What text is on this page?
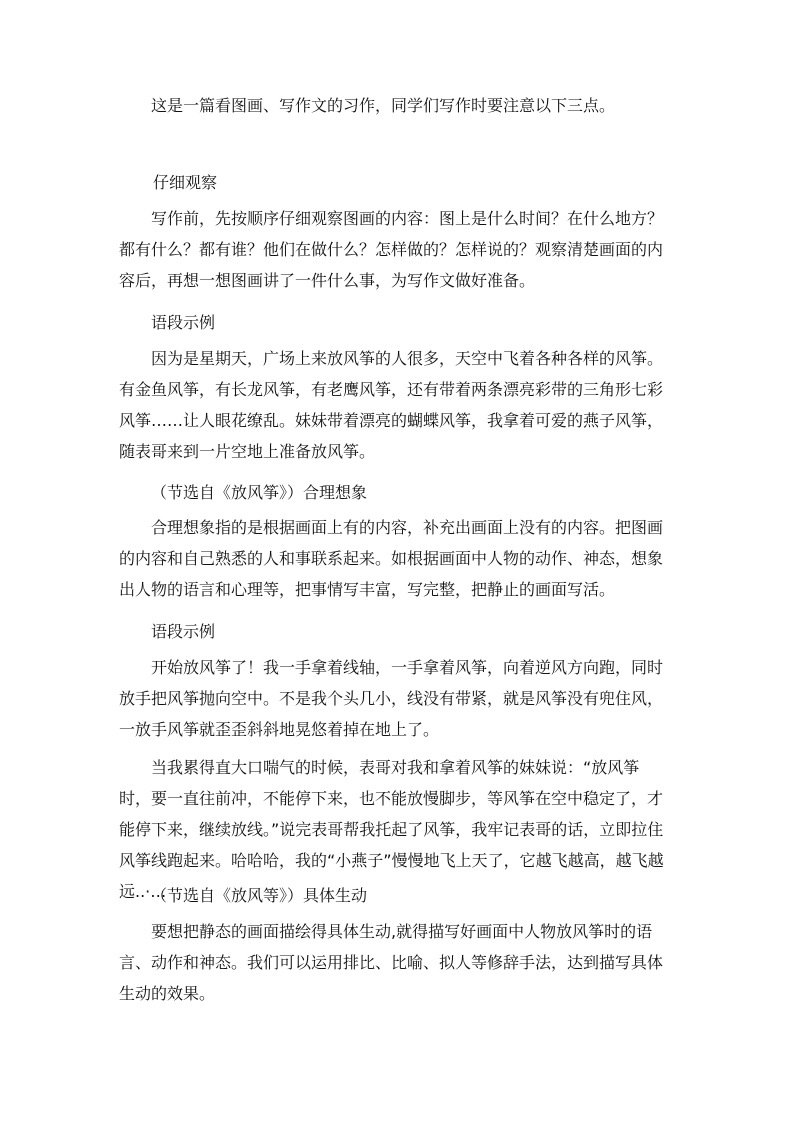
这是一篇看图画、写作文的习作，同学们写作时要注意以下三点。

仔细观察

写作前，先按顺序仔细观察图画的内容：图上是什么时间？在什么地方？都有什么？都有谁？他们在做什么？怎样做的？怎样说的？观察清楚画面的内容后，再想一想图画讲了一件什么事，为写作文做好准备。

语段示例

因为是星期天，广场上来放风筝的人很多，天空中飞着各种各样的风筝。有金鱼风筝，有长龙风筝，有老鹰风筝，还有带着两条漂亮彩带的三角形七彩风筝……让人眼花缭乱。妹妹带着漂亮的蝴蝶风筝，我拿着可爱的燕子风筝，随表哥来到一片空地上准备放风筝。

（节选自《放风筝》）合理想象

合理想象指的是根据画面上有的内容，补充出画面上没有的内容。把图画的内容和自己熟悉的人和事联系起来。如根据画面中人物的动作、神态，想象出人物的语言和心理等，把事情写丰富，写完整，把静止的画面写活。

语段示例

开始放风筝了！我一手拿着线轴，一手拿着风筝，向着逆风方向跑，同时放手把风筝抛向空中。不是我个头几小，线没有带紧，就是风筝没有兜住风，一放手风筝就歪歪斜斜地晃悠着掉在地上了。

当我累得直大口喘气的时候，表哥对我和拿着风筝的妹妹说：“放风筝时，要一直往前冲，不能停下来，也不能放慢脚步，等风筝在空中稳定了，才能停下来，继续放线。”说完表哥帮我托起了风筝，我牢记表哥的话，立即拉住风筝线跑起来。哈哈哈，我的“小燕子”慢慢地飞上天了，它越飞越高，越飞越远..·…

（节选自《放风等》）具体生动

要想把静态的画面描绘得具体生动,就得描写好画面中人物放风筝时的语言、动作和神态。我们可以运用排比、比喻、拟人等修辞手法，达到描写具体生动的效果。
